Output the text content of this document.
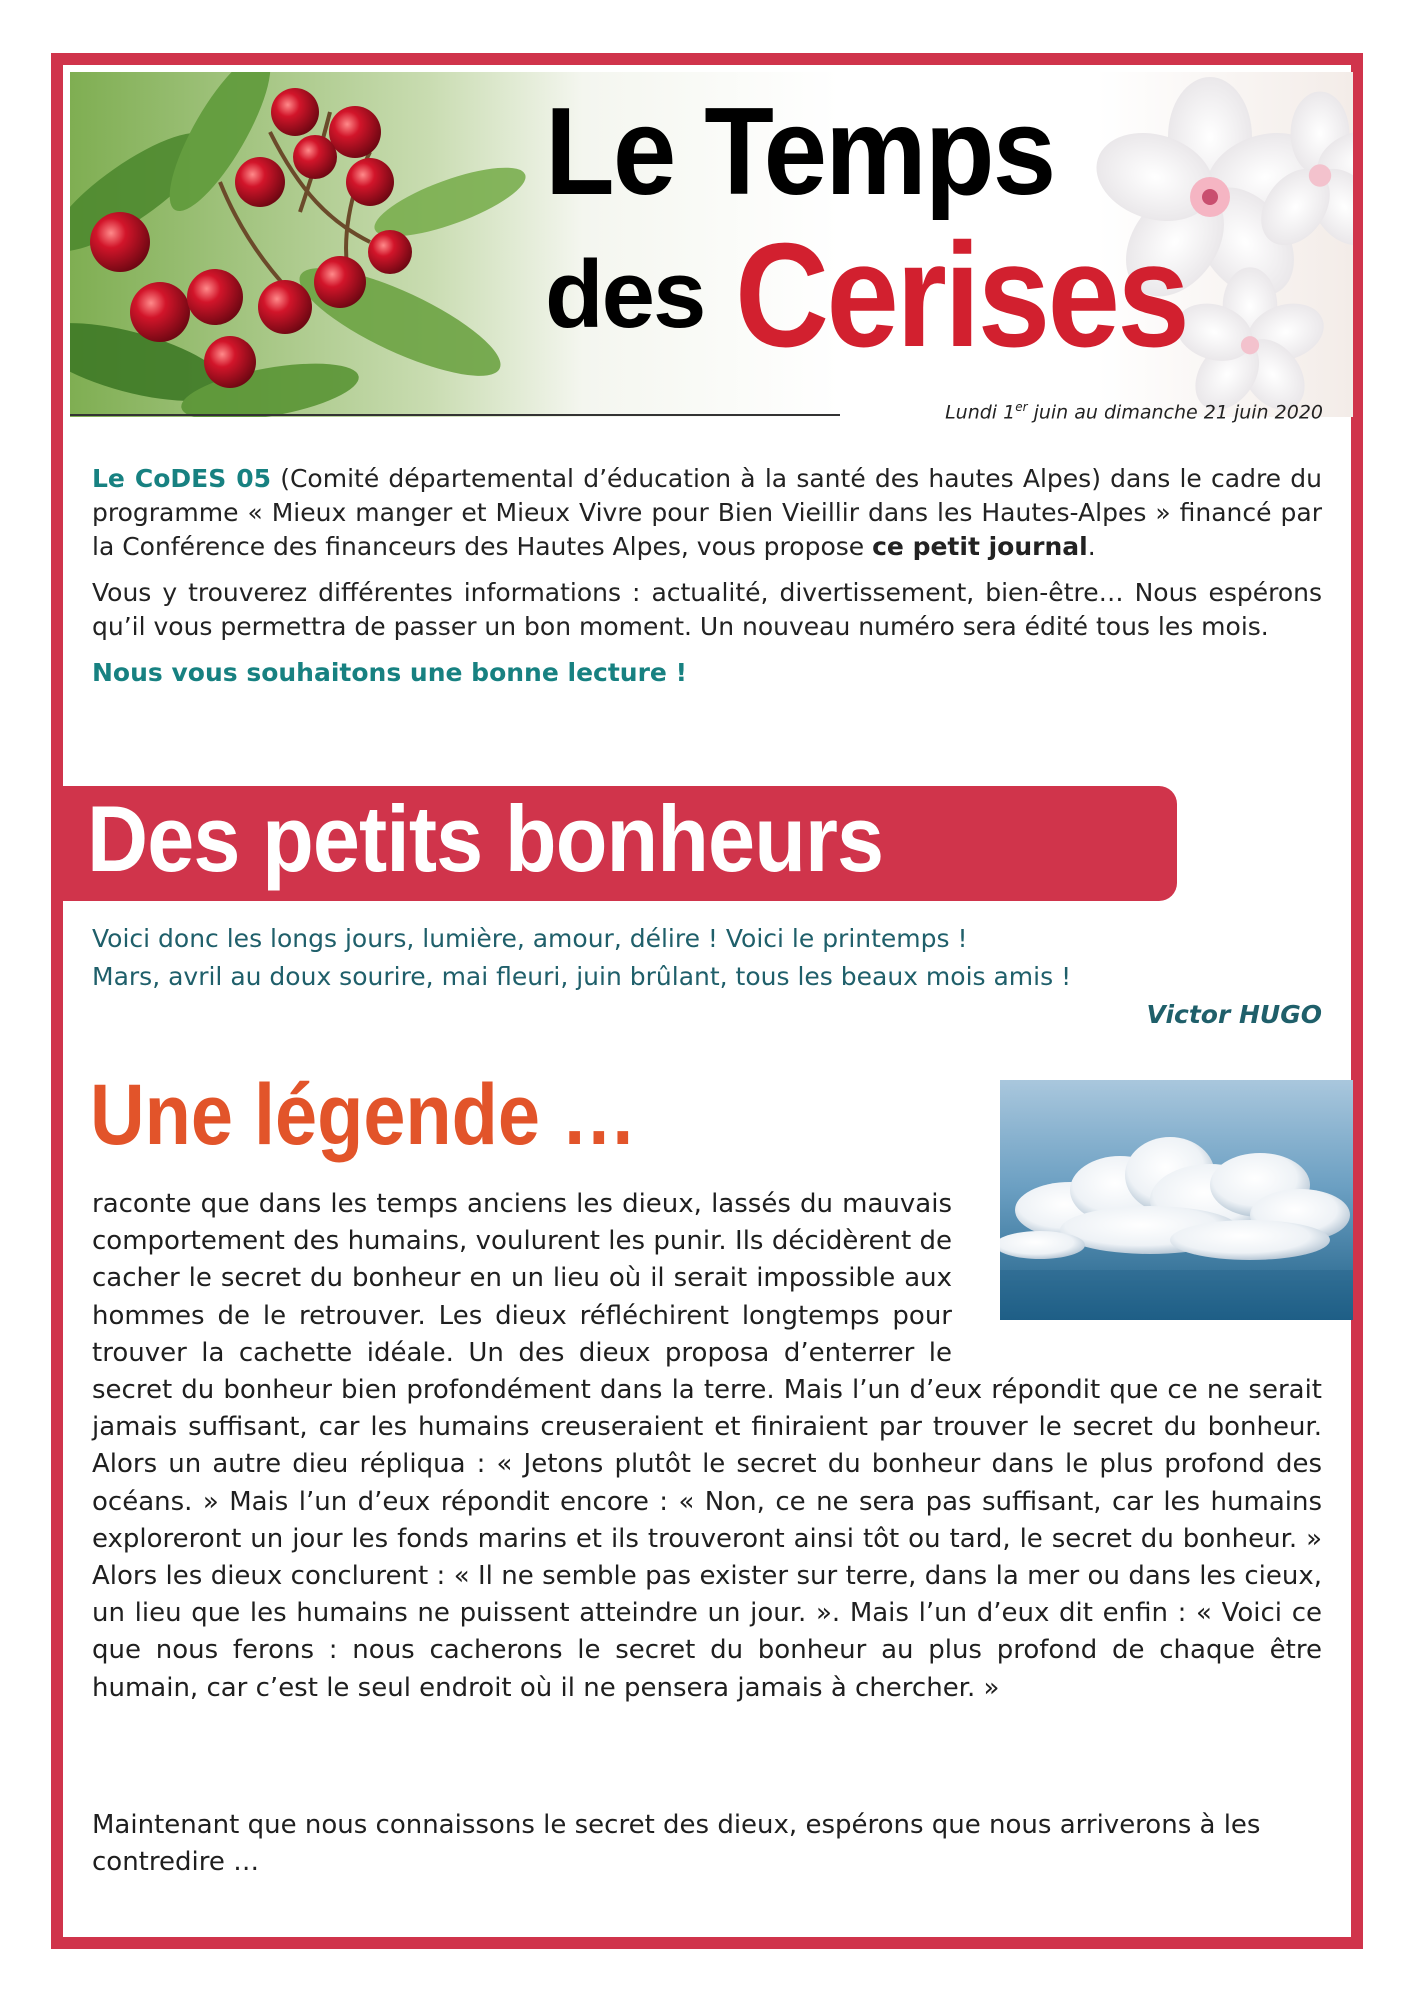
Le Temps
des Cerises
Lundi 1er juin au dimanche 21 juin 2020

Le CoDES 05 (Comité départemental d’éducation à la santé des hautes Alpes) dans le cadre du programme « Mieux manger et Mieux Vivre pour Bien Vieillir dans les Hautes-Alpes » financé par la Conférence des financeurs des Hautes Alpes, vous propose ce petit journal.

Vous y trouverez différentes informations : actualité, divertissement, bien-être… Nous espérons qu’il vous permettra de passer un bon moment. Un nouveau numéro sera édité tous les mois.

Nous vous souhaitons une bonne lecture !

Des petits bonheurs
Voici donc les longs jours, lumière, amour, délire ! Voici le printemps !
Mars, avril au doux sourire, mai fleuri, juin brûlant, tous les beaux mois amis !
Victor HUGO
Une légende …

raconte que dans les temps anciens les dieux, lassés du mauvais comportement des humains, voulurent les punir. Ils décidèrent de cacher le secret du bonheur en un lieu où il serait impossible aux hommes de le retrouver. Les dieux réfléchirent longtemps pour trouver la cachette idéale. Un des dieux proposa d’enterrer le secret du bonheur bien profondément dans la terre. Mais l’un d’eux répondit que ce ne serait jamais suffisant, car les humains creuseraient et finiraient par trouver le secret du bonheur. Alors un autre dieu répliqua : « Jetons plutôt le secret du bonheur dans le plus profond des océans. » Mais l’un d’eux répondit encore : « Non, ce ne sera pas suffisant, car les humains exploreront un jour les fonds marins et ils trouveront ainsi tôt ou tard, le secret du bonheur. » Alors les dieux conclurent : « Il ne semble pas exister sur terre, dans la mer ou dans les cieux, un lieu que les humains ne puissent atteindre un jour. ». Mais l’un d’eux dit enfin : « Voici ce que nous ferons : nous cacherons le secret du bonheur au plus profond de chaque être humain, car c’est le seul endroit où il ne pensera jamais à chercher. »

Maintenant que nous connaissons le secret des dieux, espérons que nous arriverons à les contredire …
